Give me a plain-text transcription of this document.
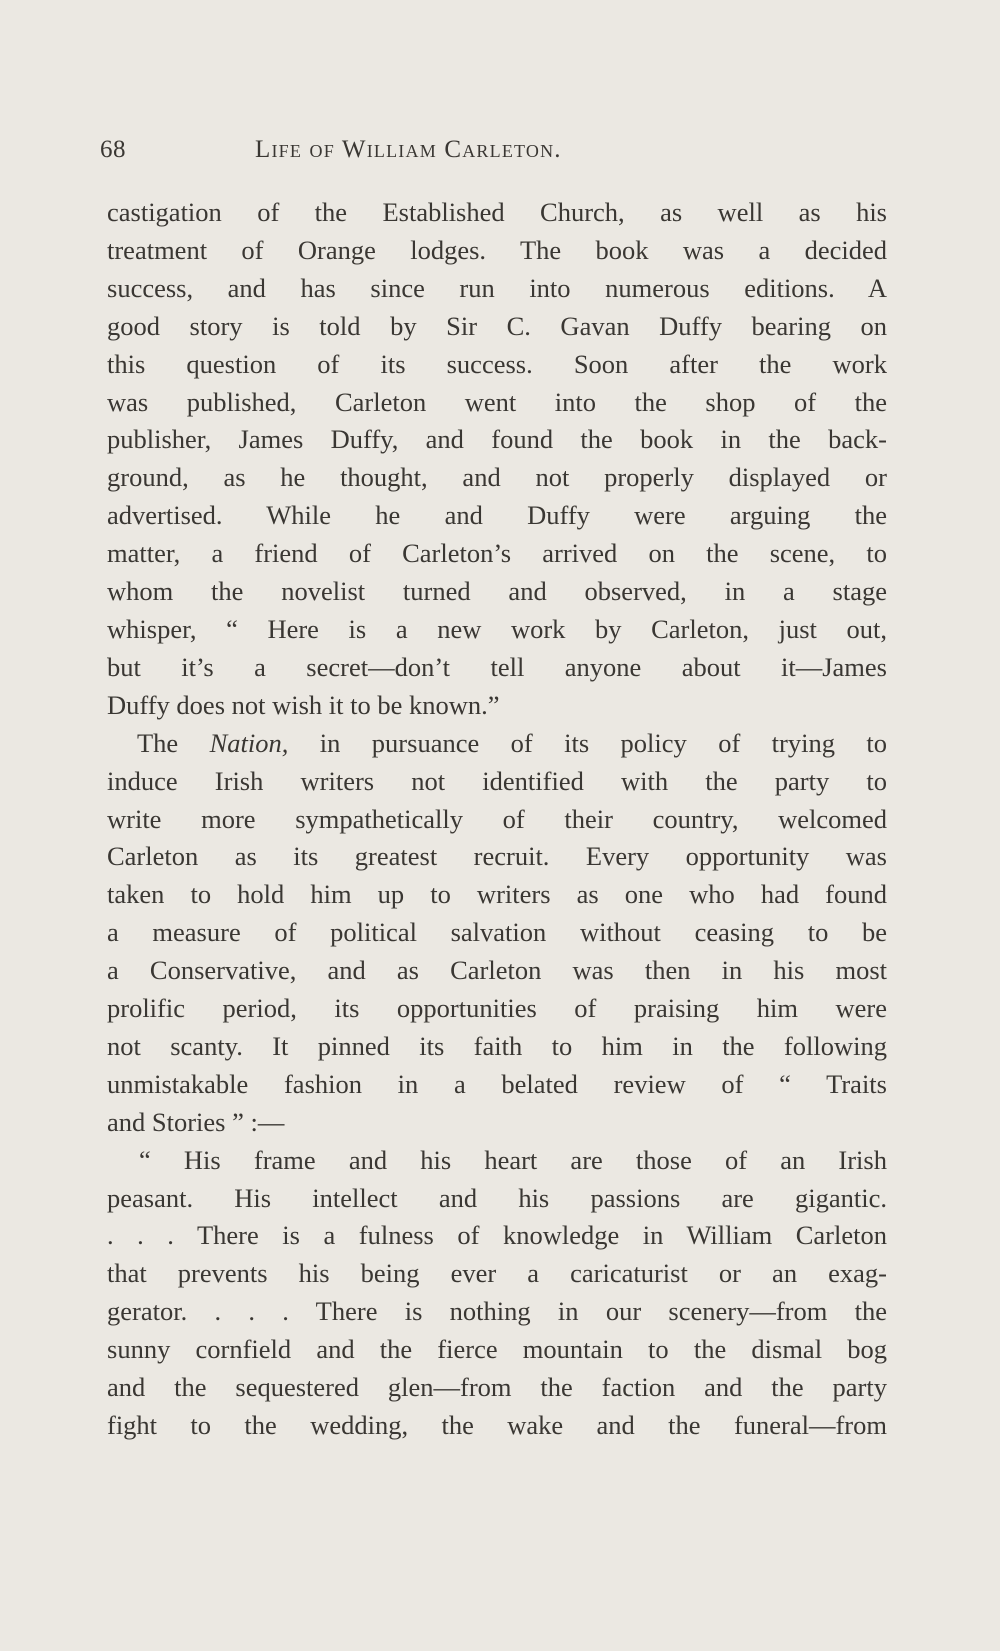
68	Life of William Carleton.
castigation of the Established Church, as well as his
treatment of Orange lodges. The book was a decided
success, and has since run into numerous editions. A
good story is told by Sir C. Gavan Duffy bearing on
this question of its success. Soon after the work
was published, Carleton went into the shop of the
publisher, James Duffy, and found the book in the back-
ground, as he thought, and not properly displayed or
advertised. While he and Duffy were arguing the
matter, a friend of Carleton’s arrived on the scene, to
whom the novelist turned and observed, in a stage
whisper, “ Here is a new work by Carleton, just out,
but it’s a secret—don’t tell anyone about it—James
Duffy does not wish it to be known.”
The Nation, in pursuance of its policy of trying to
induce Irish writers not identified with the party to
write more sympathetically of their country, welcomed
Carleton as its greatest recruit. Every opportunity was
taken to hold him up to writers as one who had found
a measure of political salvation without ceasing to be
a Conservative, and as Carleton was then in his most
prolific period, its opportunities of praising him were
not scanty. It pinned its faith to him in the following
unmistakable fashion in a belated review of “ Traits
and Stories ” :—
“ His frame and his heart are those of an Irish
peasant. His intellect and his passions are gigantic.
. . . There is a fulness of knowledge in William Carleton
that prevents his being ever a caricaturist or an exag-
gerator. . . . There is nothing in our scenery—from the
sunny cornfield and the fierce mountain to the dismal bog
and the sequestered glen—from the faction and the party
fight to the wedding, the wake and the funeral—from
